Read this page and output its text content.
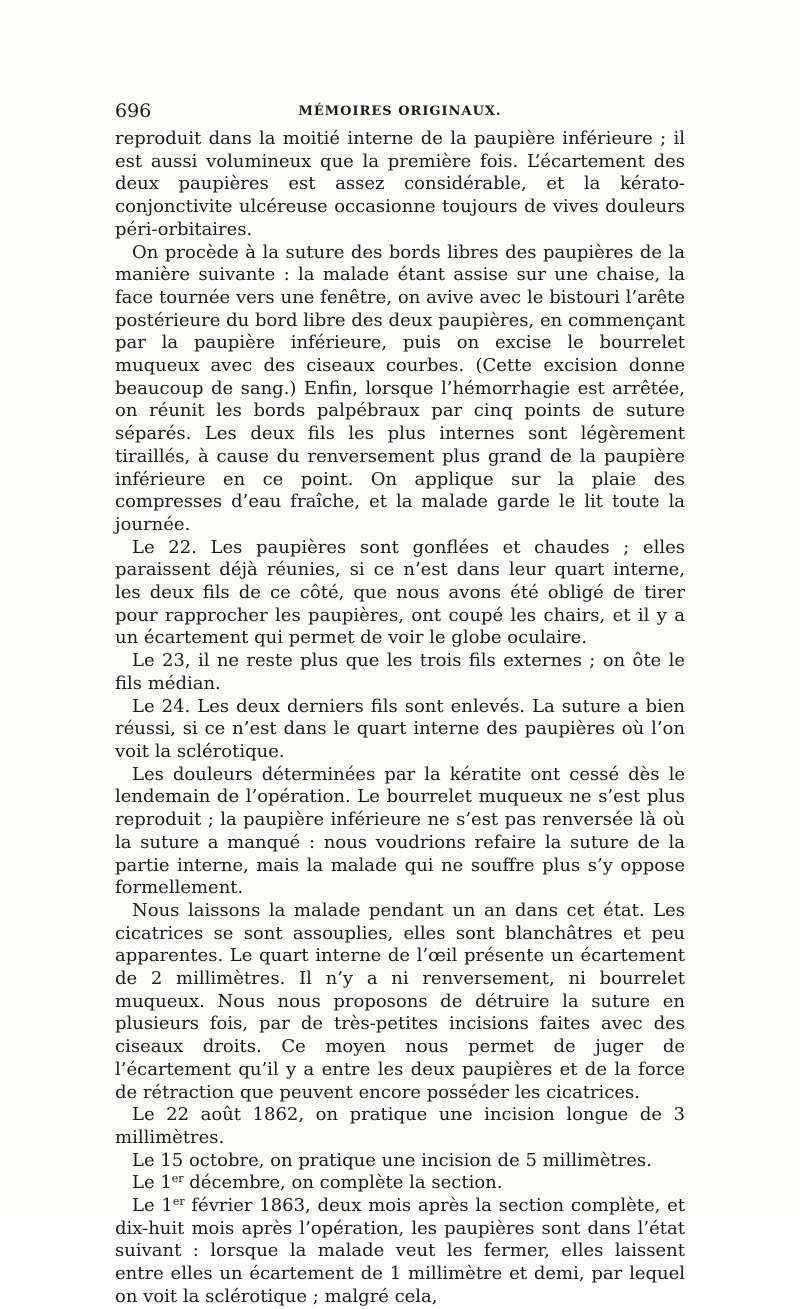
696	MÉMOIRES ORIGINAUX.

reproduit dans la moitié interne de la paupière inférieure ; il est aussi volumineux que la première fois. L’écartement des deux paupières est assez considérable, et la kérato-conjonctivite ulcéreuse occasionne toujours de vives douleurs péri-orbitaires.

On procède à la suture des bords libres des paupières de la manière suivante : la malade étant assise sur une chaise, la face tournée vers une fenêtre, on avive avec le bistouri l’arête postérieure du bord libre des deux paupières, en commençant par la paupière inférieure, puis on excise le bourrelet muqueux avec des ciseaux courbes. (Cette excision donne beaucoup de sang.) Enfin, lorsque l’hémorrhagie est arrêtée, on réunit les bords palpébraux par cinq points de suture séparés. Les deux fils les plus internes sont légèrement tiraillés, à cause du renversement plus grand de la paupière inférieure en ce point. On applique sur la plaie des compresses d’eau fraîche, et la malade garde le lit toute la journée.

Le 22. Les paupières sont gonflées et chaudes ; elles paraissent déjà réunies, si ce n’est dans leur quart interne, les deux fils de ce côté, que nous avons été obligé de tirer pour rapprocher les paupières, ont coupé les chairs, et il y a un écartement qui permet de voir le globe oculaire.

Le 23, il ne reste plus que les trois fils externes ; on ôte le fils médian.

Le 24. Les deux derniers fils sont enlevés. La suture a bien réussi, si ce n’est dans le quart interne des paupières où l’on voit la sclérotique.

Les douleurs déterminées par la kératite ont cessé dès le lendemain de l’opération. Le bourrelet muqueux ne s’est plus reproduit ; la paupière inférieure ne s’est pas renversée là où la suture a manqué : nous voudrions refaire la suture de la partie interne, mais la malade qui ne souffre plus s’y oppose formellement.

Nous laissons la malade pendant un an dans cet état. Les cicatrices se sont assouplies, elles sont blanchâtres et peu apparentes. Le quart interne de l’œil présente un écartement de 2 millimètres. Il n’y a ni renversement, ni bourrelet muqueux. Nous nous proposons de détruire la suture en plusieurs fois, par de très-petites incisions faites avec des ciseaux droits. Ce moyen nous permet de juger de l’écartement qu’il y a entre les deux paupières et de la force de rétraction que peuvent encore posséder les cicatrices.

Le 22 août 1862, on pratique une incision longue de 3 millimètres.

Le 15 octobre, on pratique une incision de 5 millimètres.

Le 1er décembre, on complète la section.

Le 1er février 1863, deux mois après la section complète, et dix-huit mois après l’opération, les paupières sont dans l’état suivant : lorsque la malade veut les fermer, elles laissent entre elles un écartement de 1 millimètre et demi, par lequel on voit la sclérotique ; malgré cela,
